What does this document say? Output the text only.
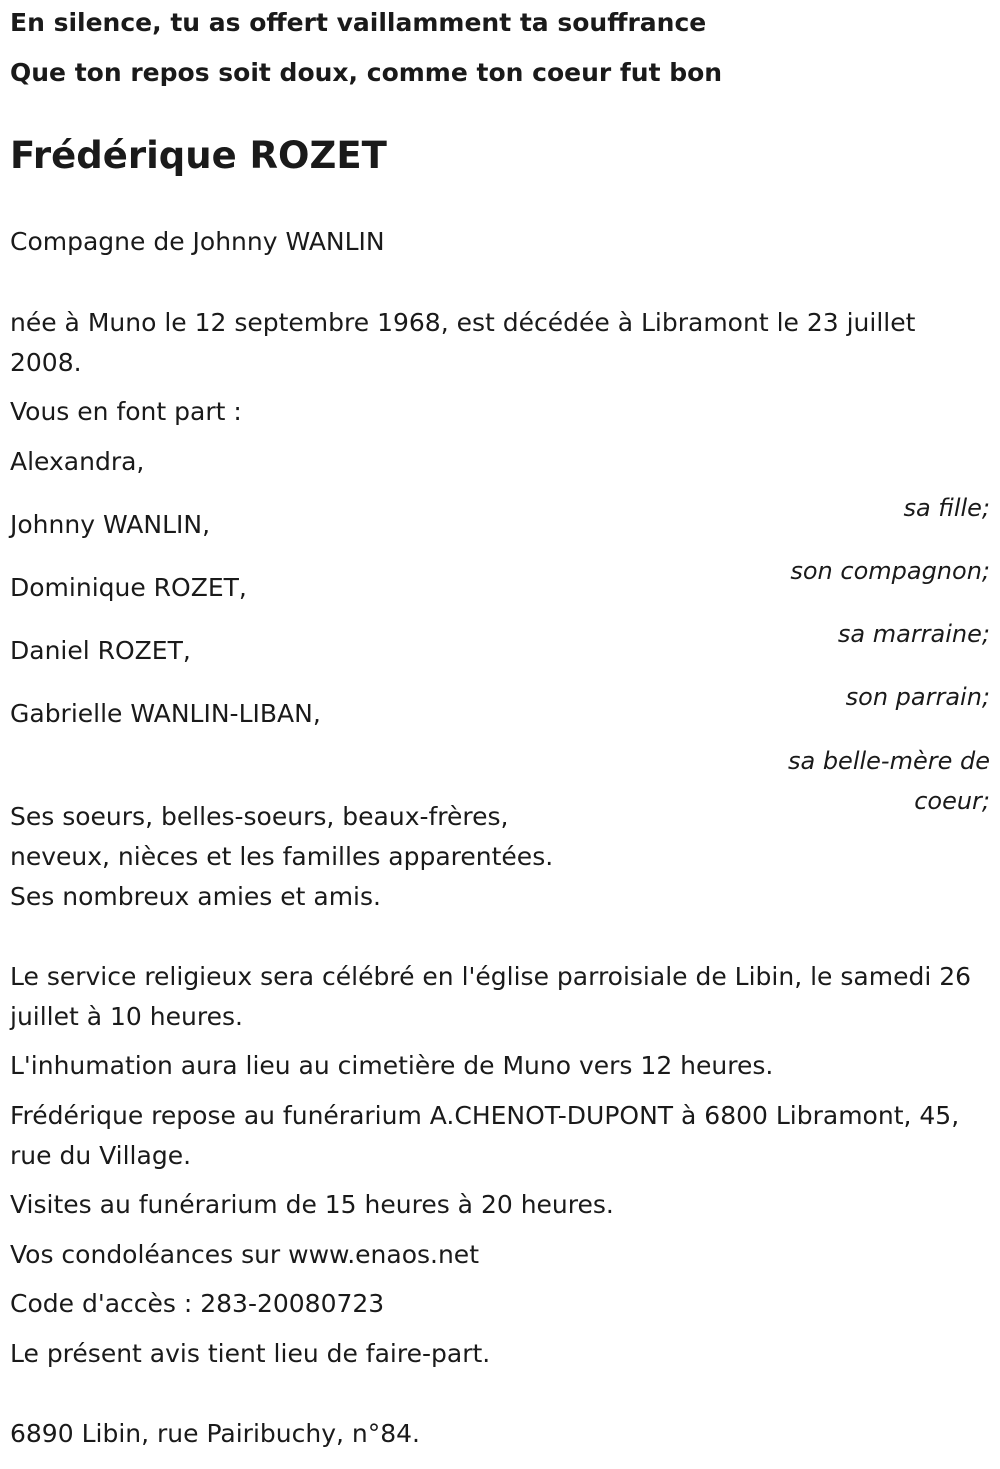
En silence, tu as offert vaillamment ta souffrance

Que ton repos soit doux, comme ton coeur fut bon

Frédérique ROZET

Compagne de Johnny WANLIN

née à Muno le 12 septembre 1968, est décédée à Libramont le 23 juillet 2008.

Vous en font part :

Alexandra,

sa fille;

Johnny WANLIN,

son compagnon;

Dominique ROZET,

sa marraine;

Daniel ROZET,

son parrain;

Gabrielle WANLIN-LIBAN,

sa belle-mère de coeur;

Ses soeurs, belles-soeurs, beaux-frères,

neveux, nièces et les familles apparentées.

Ses nombreux amies et amis.

Le service religieux sera célébré en l'église parroisiale de Libin, le samedi 26 juillet à 10 heures.

L'inhumation aura lieu au cimetière de Muno vers 12 heures.

Frédérique repose au funérarium A.CHENOT-DUPONT à 6800 Libramont, 45, rue du Village.

Visites au funérarium de 15 heures à 20 heures.

Vos condoléances sur www.enaos.net

Code d'accès : 283-20080723

Le présent avis tient lieu de faire-part.

6890 Libin, rue Pairibuchy, n°84.
